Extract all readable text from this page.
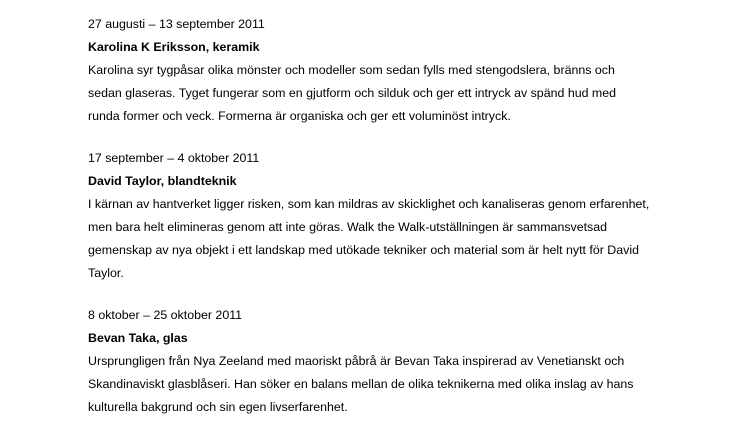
27 augusti – 13 september 2011
Karolina K Eriksson, keramik
Karolina syr tygpåsar olika mönster och modeller som sedan fylls med stengodslera, bränns och
sedan glaseras. Tyget fungerar som en gjutform och silduk och ger ett intryck av spänd hud med
runda former och veck. Formerna är organiska och ger ett voluminöst intryck.
17 september – 4 oktober 2011
David Taylor, blandteknik
I kärnan av hantverket ligger risken, som kan mildras av skicklighet och kanaliseras genom erfarenhet,
men bara helt elimineras genom att inte göras. Walk the Walk-utställningen är sammansvetsad
gemenskap av nya objekt i ett landskap med utökade tekniker och material som är helt nytt för David
Taylor.
8 oktober – 25 oktober 2011
Bevan Taka, glas
Ursprungligen från Nya Zeeland med maoriskt påbrå är Bevan Taka inspirerad av Venetianskt och
Skandinaviskt glasblåseri. Han söker en balans mellan de olika teknikerna med olika inslag av hans
kulturella bakgrund och sin egen livserfarenhet.
